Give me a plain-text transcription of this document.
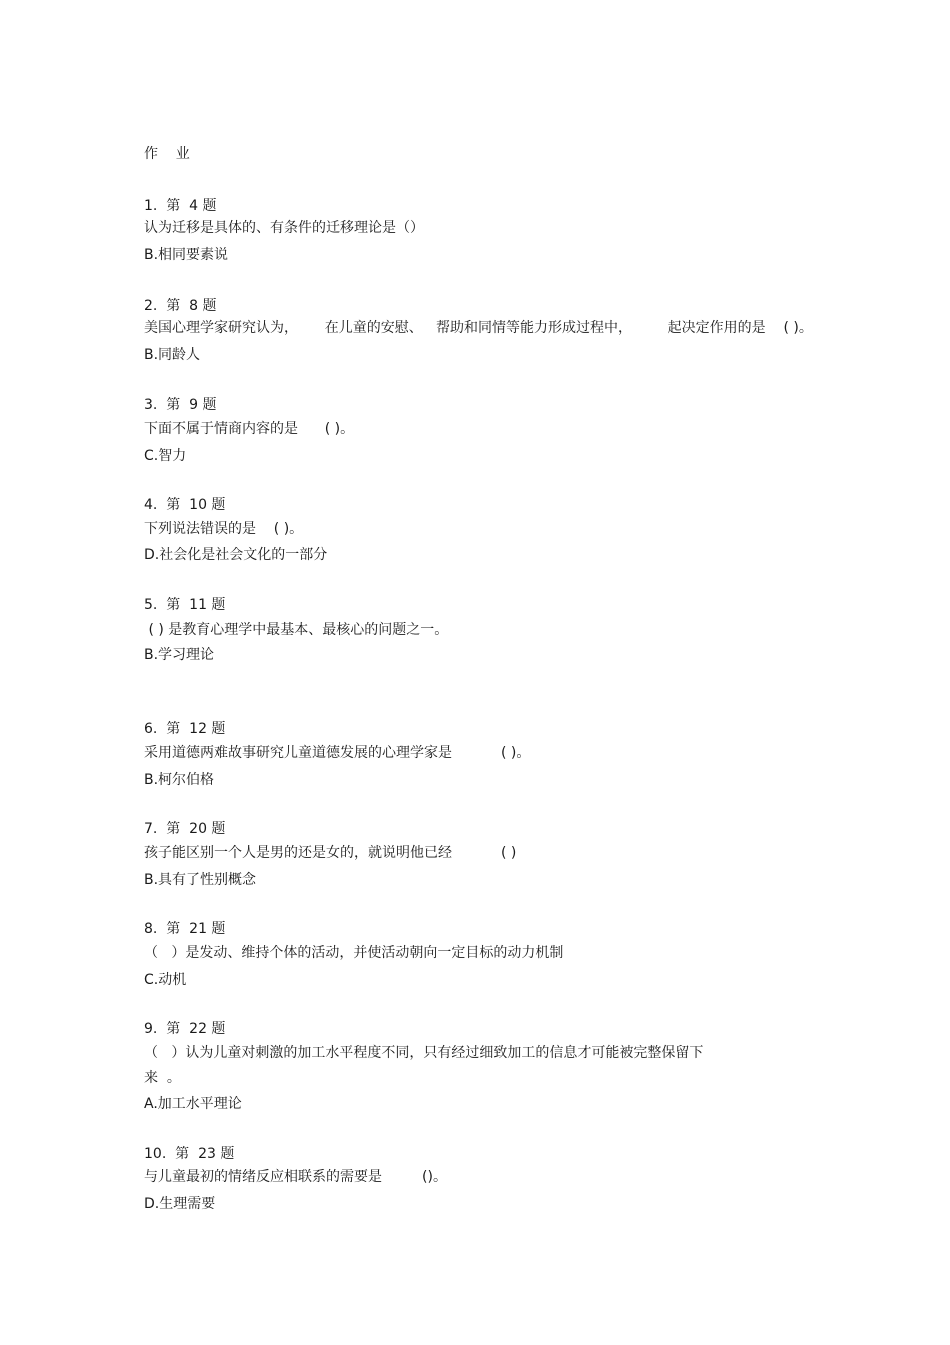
作    业
1.  第  4 题
认为迁移是具体的、有条件的迁移理论是（）
B.相同要素说
2.  第  8 题
美国心理学家研究认为，      在儿童的安慰、   帮助和同情等能力形成过程中，        起决定作用的是    ( )。
B.同龄人
3.  第  9 题
下面不属于情商内容的是      ( )。
C.智力
4.  第  10 题
下列说法错误的是    ( )。
D.社会化是社会文化的一部分
5.  第  11 题
( ) 是教育心理学中最基本、最核心的问题之一。
B.学习理论
6.  第  12 题
采用道德两难故事研究儿童道德发展的心理学家是           ( )。
B.柯尔伯格
7.  第  20 题
孩子能区别一个人是男的还是女的，就说明他已经           ( )
B.具有了性别概念
8.  第  21 题
（   ）是发动、维持个体的活动，并使活动朝向一定目标的动力机制
C.动机
9.  第  22 题
（   ）认为儿童对刺激的加工水平程度不同，只有经过细致加工的信息才可能被完整保留下
来  。
A.加工水平理论
10.  第  23 题
与儿童最初的情绪反应相联系的需要是         ()。
D.生理需要
